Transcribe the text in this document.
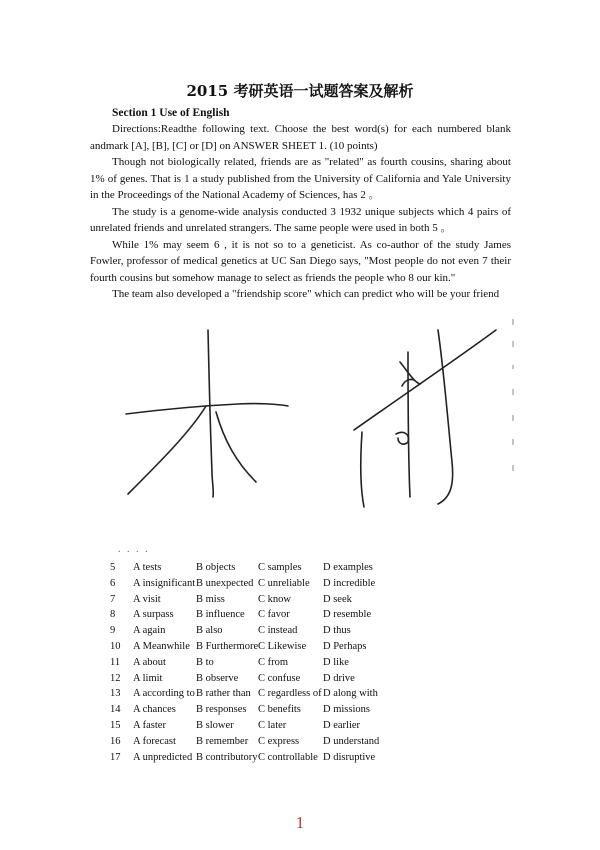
2015 考研英语一试题答案及解析
Section 1 Use of English

Directions:Readthe following text. Choose the best word(s) for each numbered blank andmark [A], [B], [C] or [D] on ANSWER SHEET 1. (10 points)

Though not biologically related, friends are as "related" as fourth cousins, sharing about 1% of genes. That is 1 a study published from the University of California and Yale University in the Proceedings of the National Academy of Sciences, has 2 。

The study is a genome-wide analysis conducted 3 1932 unique subjects which 4 pairs of unrelated friends and unrelated strangers. The same people were used in both 5 。

While 1% may seem 6 , it is not so to a geneticist. As co-author of the study James Fowler, professor of medical genetics at UC San Diego says, "Most people do not even 7 their fourth cousins but somehow manage to select as friends the people who 8 our kin."

The team also developed a "friendship score" which can predict who will be your friend

. . . .
5 A tests	B objects C samples D examples
6 A insignificant B unexpected C unreliable D incredible
7 A visit	B miss	C know	D seek
8 A surpass B influence C favor	D resemble
9 A again	B also	C instead D thus
10 A Meanwhile B Furthermore C Likewise D Perhaps
11 A about	B to	C from	D like
12 A limit	B observe C confuse D drive
13 A according to B rather than C regardless of D along with
14 A chances B responses C benefits D missions
15 A faster	B slower C later	D earlier
16 A forecast B remember C express D understand
17 A unpredicted B contributory C controllable D disruptive
1
